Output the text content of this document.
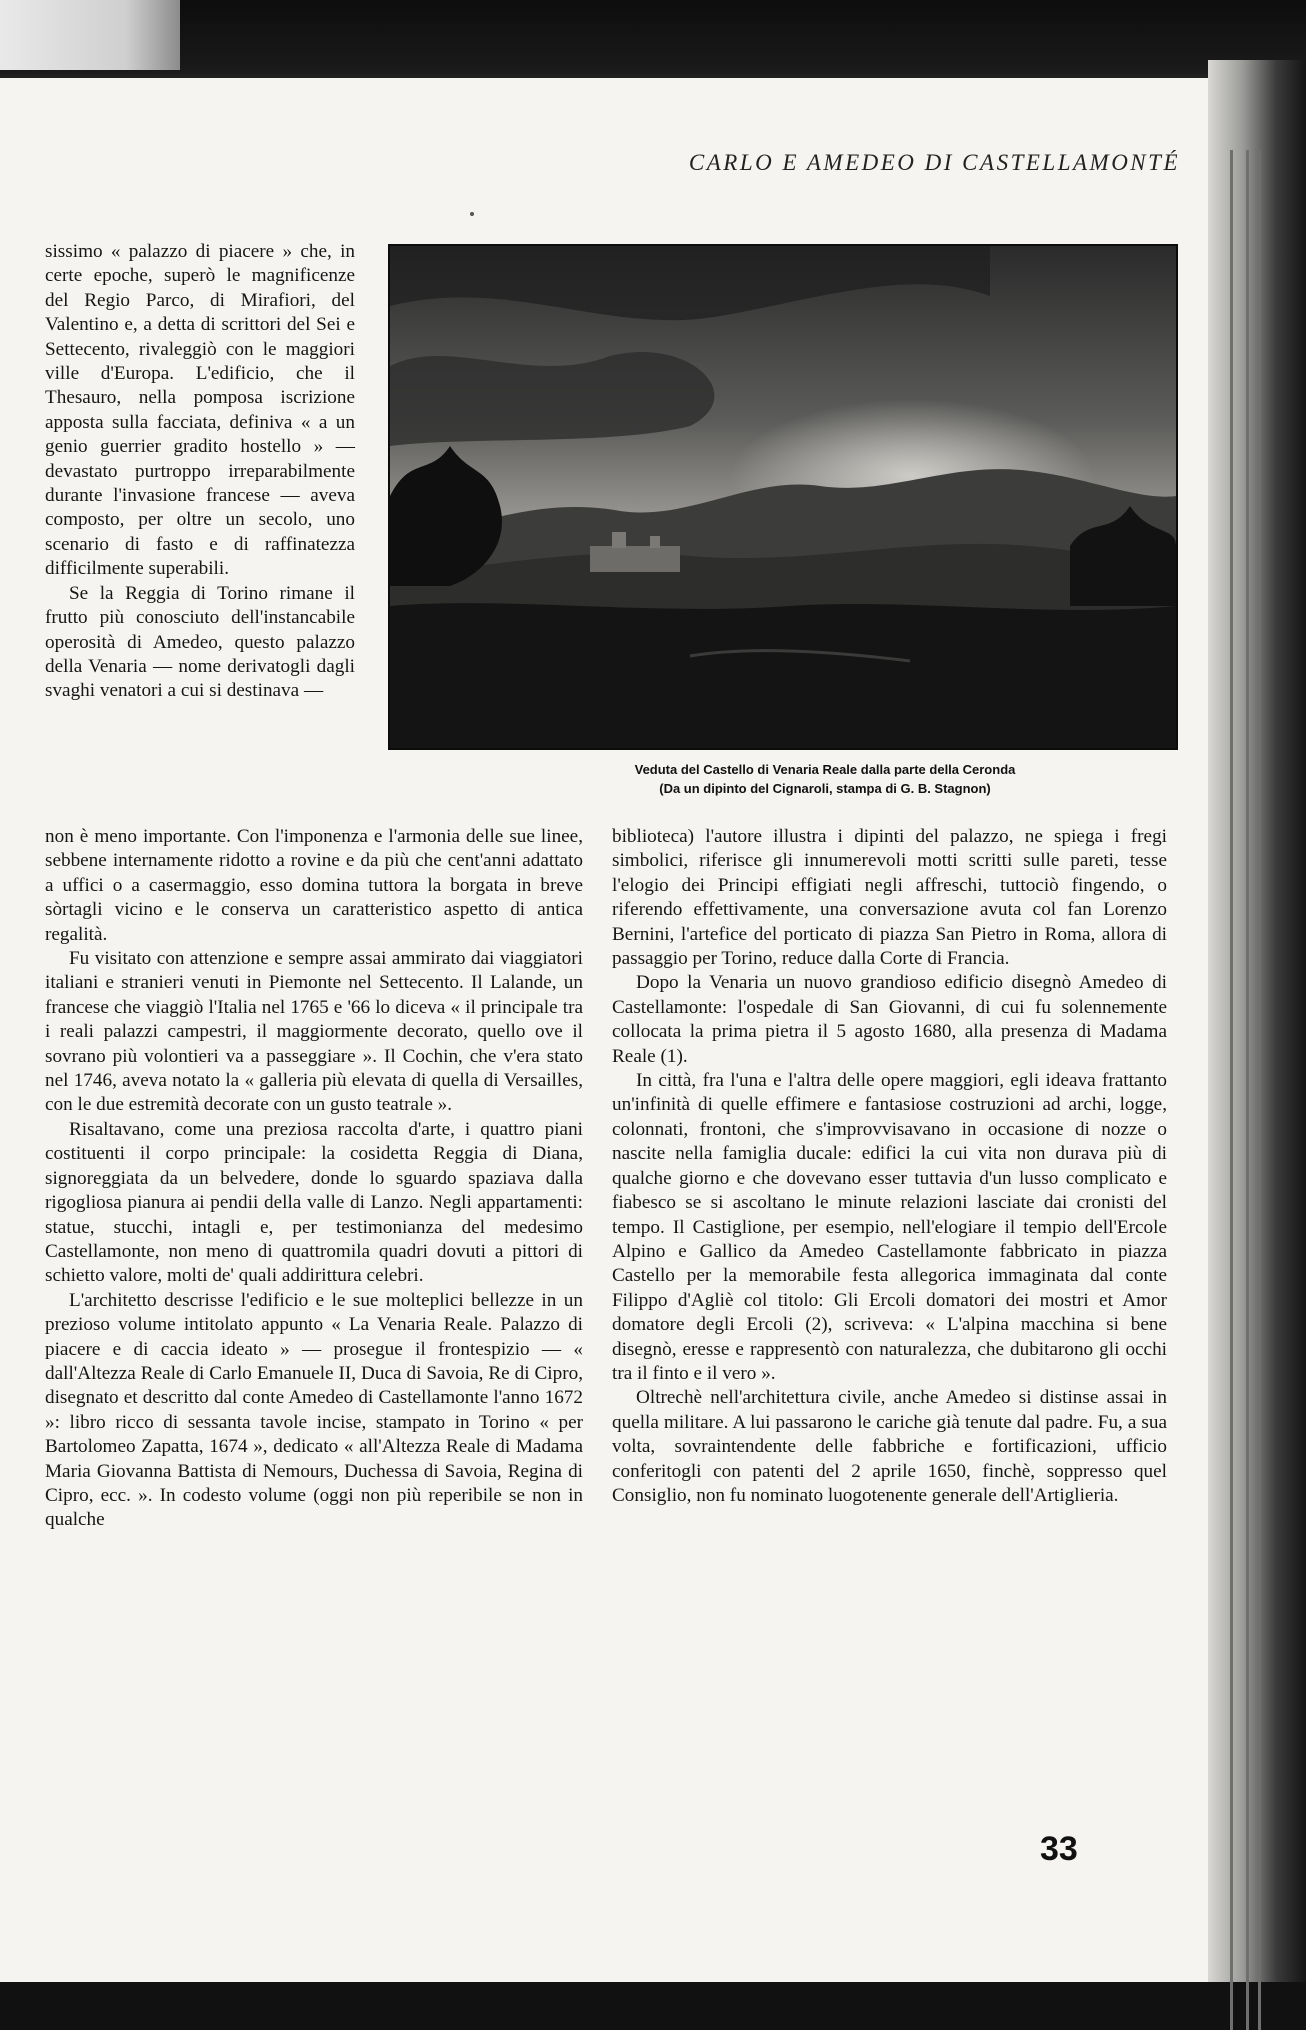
CARLO E AMEDEO DI CASTELLAMONTÉ

sissimo « palazzo di piacere » che, in certe epoche, superò le magnificenze del Regio Parco, di Mirafiori, del Valentino e, a detta di scrittori del Sei e Settecento, rivaleggiò con le maggiori ville d'Europa. L'edificio, che il Thesauro, nella pomposa iscrizione apposta sulla facciata, definiva « a un genio guerrier gradito hostello » — devastato purtroppo irreparabilmente durante l'invasione francese — aveva composto, per oltre un secolo, uno scenario di fasto e di raffinatezza difficilmente superabili.

Se la Reggia di Torino rimane il frutto più conosciuto dell'instancabile operosità di Amedeo, questo palazzo della Venaria — nome derivatogli dagli svaghi venatori a cui si destinava —

Veduta del Castello di Venaria Reale dalla parte della Ceronda
(Da un dipinto del Cignaroli, stampa di G. B. Stagnon)

non è meno importante. Con l'imponenza e l'armonia delle sue linee, sebbene internamente ridotto a rovine e da più che cent'anni adattato a uffici o a casermaggio, esso domina tuttora la borgata in breve sòrtagli vicino e le conserva un caratteristico aspetto di antica regalità.

Fu visitato con attenzione e sempre assai ammirato dai viaggiatori italiani e stranieri venuti in Piemonte nel Settecento. Il Lalande, un francese che viaggiò l'Italia nel 1765 e '66 lo diceva « il principale tra i reali palazzi campestri, il maggiormente decorato, quello ove il sovrano più volontieri va a passeggiare ». Il Cochin, che v'era stato nel 1746, aveva notato la « galleria più elevata di quella di Versailles, con le due estremità decorate con un gusto teatrale ».

Risaltavano, come una preziosa raccolta d'arte, i quattro piani costituenti il corpo principale: la cosidetta Reggia di Diana, signoreggiata da un belvedere, donde lo sguardo spaziava dalla rigogliosa pianura ai pendii della valle di Lanzo. Negli appartamenti: statue, stucchi, intagli e, per testimonianza del medesimo Castellamonte, non meno di quattromila quadri dovuti a pittori di schietto valore, molti de' quali addirittura celebri.

L'architetto descrisse l'edificio e le sue molteplici bellezze in un prezioso volume intitolato appunto « La Venaria Reale. Palazzo di piacere e di caccia ideato » — prosegue il frontespizio — « dall'Altezza Reale di Carlo Emanuele II, Duca di Savoia, Re di Cipro, disegnato et descritto dal conte Amedeo di Castellamonte l'anno 1672 »: libro ricco di sessanta tavole incise, stampato in Torino « per Bartolomeo Zapatta, 1674 », dedicato « all'Altezza Reale di Madama Maria Giovanna Battista di Nemours, Duchessa di Savoia, Regina di Cipro, ecc. ». In codesto volume (oggi non più reperibile se non in qualche

biblioteca) l'autore illustra i dipinti del palazzo, ne spiega i fregi simbolici, riferisce gli innumerevoli motti scritti sulle pareti, tesse l'elogio dei Principi effigiati negli affreschi, tuttociò fingendo, o riferendo effettivamente, una conversazione avuta col fan Lorenzo Bernini, l'artefice del porticato di piazza San Pietro in Roma, allora di passaggio per Torino, reduce dalla Corte di Francia.

Dopo la Venaria un nuovo grandioso edificio disegnò Amedeo di Castellamonte: l'ospedale di San Giovanni, di cui fu solennemente collocata la prima pietra il 5 agosto 1680, alla presenza di Madama Reale (1).

In città, fra l'una e l'altra delle opere maggiori, egli ideava frattanto un'infinità di quelle effimere e fantasiose costruzioni ad archi, logge, colonnati, frontoni, che s'improvvisavano in occasione di nozze o nascite nella famiglia ducale: edifici la cui vita non durava più di qualche giorno e che dovevano esser tuttavia d'un lusso complicato e fiabesco se si ascoltano le minute relazioni lasciate dai cronisti del tempo. Il Castiglione, per esempio, nell'elogiare il tempio dell'Ercole Alpino e Gallico da Amedeo Castellamonte fabbricato in piazza Castello per la memorabile festa allegorica immaginata dal conte Filippo d'Agliè col titolo: Gli Ercoli domatori dei mostri et Amor domatore degli Ercoli (2), scriveva: « L'alpina macchina si bene disegnò, eresse e rappresentò con naturalezza, che dubitarono gli occhi tra il finto e il vero ».

Oltrechè nell'architettura civile, anche Amedeo si distinse assai in quella militare. A lui passarono le cariche già tenute dal padre. Fu, a sua volta, sovraintendente delle fabbriche e fortificazioni, ufficio conferitogli con patenti del 2 aprile 1650, finchè, soppresso quel Consiglio, non fu nominato luogotenente generale dell'Artiglieria.

33
